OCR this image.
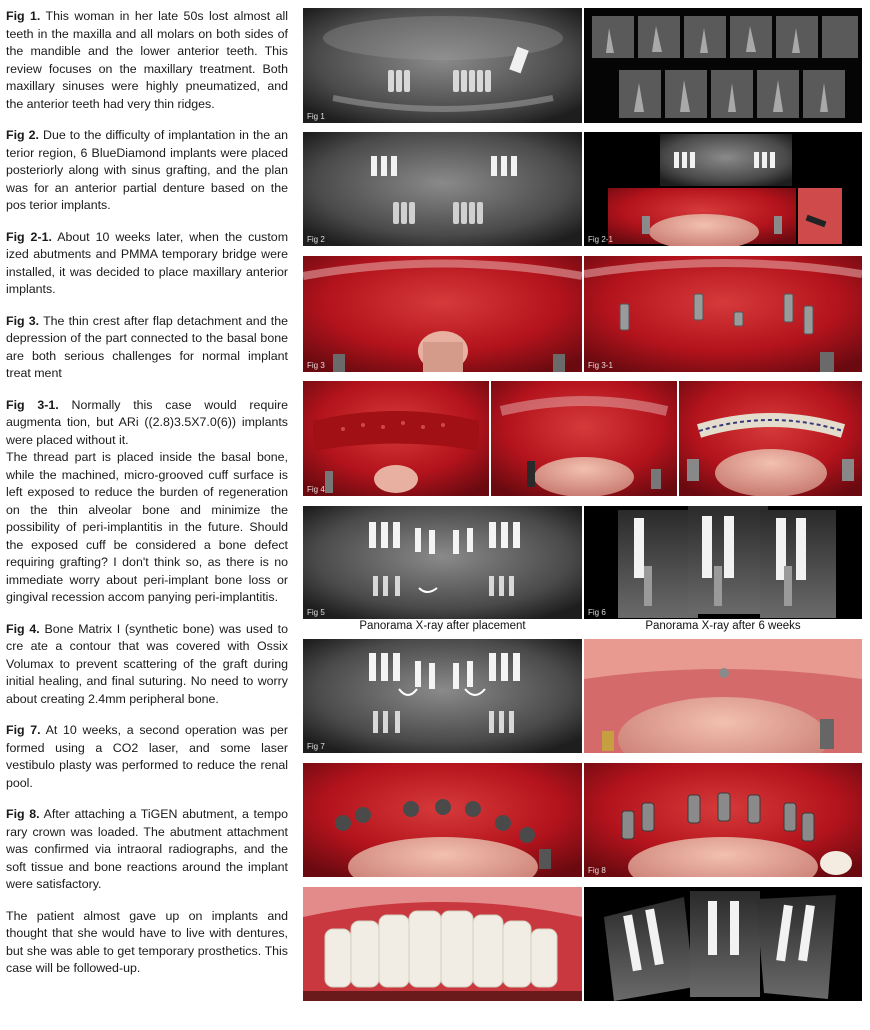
Fig 1. This woman in her late 50s lost almost all teeth in the maxilla and all molars on both sides of the mandible and the lower anterior teeth. This review focuses on the maxillary treatment. Both maxillary sinuses were highly pneumatized, and the anterior teeth had very thin ridges.

Fig 2. Due to the difficulty of implantation in the an terior region, 6 BlueDiamond implants were placed posteriorly along with sinus grafting, and the plan was for an anterior partial denture based on the pos terior implants.

Fig 2-1. About 10 weeks later, when the custom ized abutments and PMMA temporary bridge were installed, it was decided to place maxillary anterior implants.

Fig 3. The thin crest after flap detachment and the depression of the part connected to the basal bone are both serious challenges for normal implant treat ment

Fig 3-1. Normally this case would require augmenta tion, but ARi ((2.8)3.5X7.0(6)) implants were placed without it.

The thread part is placed inside the basal bone, while the machined, micro-grooved cuff surface is left exposed to reduce the burden of regeneration on the thin alveolar bone and minimize the possibility of peri-implantitis in the future. Should the exposed cuff be considered a bone defect requiring grafting? I don't think so, as there is no immediate worry about peri-implant bone loss or gingival recession accom panying peri-implantitis.

Fig 4. Bone Matrix I (synthetic bone) was used to cre ate a contour that was covered with Ossix Volumax to prevent scattering of the graft during initial healing, and final suturing. No need to worry about creating 2.4mm peripheral bone.

Fig 7. At 10 weeks, a second operation was per formed using a CO2 laser, and some laser vestibulo plasty was performed to reduce the renal pool.

Fig 8. After attaching a TiGEN abutment, a tempo rary crown was loaded. The abutment attachment was confirmed via intraoral radiographs, and the soft tissue and bone reactions around the implant were satisfactory.

The patient almost gave up on implants and thought that she would have to live with dentures, but she was able to get temporary prosthetics. This case will be followed-up.

Fig 1
Fig 2	Fig 2-1
Fig 3	Fig 3-1
Fig 4
Fig 5	Fig 6
Panorama X-ray after placement	Panorama X-ray after 6 weeks
Fig 7
Fig 8
